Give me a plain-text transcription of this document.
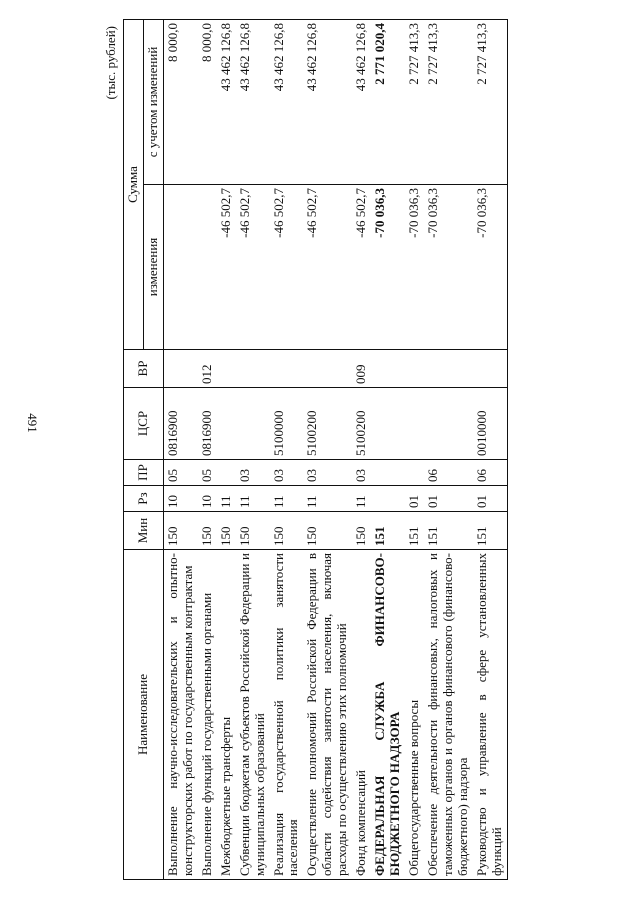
491
(тыс. рублей)
Наименование	Мин	Рз	ПР	ЦСР	ВР	Сумма	
						изменения	с учетом изменений
Выполнение научно-исследовательских и опытно-конструкторских работ по государственным контрактам	150	10	05	0816900			8 000,0
Выполнение функций государственными органами	150	10	05	0816900	012		8 000,0
Межбюджетные трансферты	150	11				-46 502,7	43 462 126,8
Субвенции бюджетам субъектов Российской Федерации и муниципальных образований	150	11	03			-46 502,7	43 462 126,8
Реализация государственной политики занятости населения	150	11	03	5100000		-46 502,7	43 462 126,8
Осуществление полномочий Российской Федерации в области содействия занятости населения, включая расходы по осуществлению этих полномочий	150	11	03	5100200		-46 502,7	43 462 126,8
Фонд компенсаций	150	11	03	5100200	009	-46 502,7	43 462 126,8
ФЕДЕРАЛЬНАЯ СЛУЖБА ФИНАНСОВО-БЮДЖЕТНОГО НАДЗОРА	151					-70 036,3	2 771 020,4
Общегосударственные вопросы	151	01				-70 036,3	2 727 413,3
Обеспечение деятельности финансовых, налоговых и таможенных органов и органов финансового (финансово-бюджетного) надзора	151	01	06			-70 036,3	2 727 413,3
Руководство и управление в сфере установленных функций	151	01	06	0010000		-70 036,3	2 727 413,3
